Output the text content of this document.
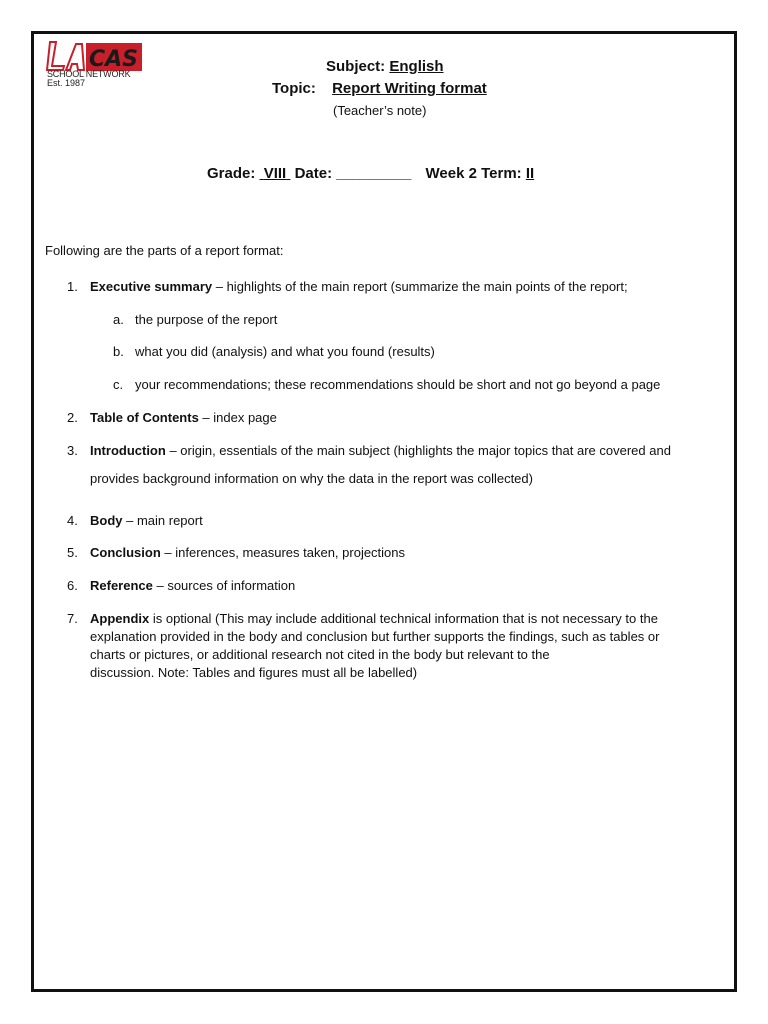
CAS
SCHOOL NETWORK
Est. 1987
Subject: English
Topic: Report Writing format
(Teacher’s note)
Grade: VIII Date: _________ Week 2 Term: II
Following are the parts of a report format:
1. Executive summary – highlights of the main report (summarize the main points of the report;
a. the purpose of the report
b. what you did (analysis) and what you found (results)
c. your recommendations; these recommendations should be short and not go beyond a page
2. Table of Contents – index page
3. Introduction – origin, essentials of the main subject (highlights the major topics that are covered and
provides background information on why the data in the report was collected)
4. Body – main report
5. Conclusion – inferences, measures taken, projections
6. Reference – sources of information
7. Appendix is optional (This may include additional technical information that is not necessary to the
explanation provided in the body and conclusion but further supports the findings, such as tables or
charts or pictures, or additional research not cited in the body but relevant to the
discussion. Note: Tables and figures must all be labelled)
